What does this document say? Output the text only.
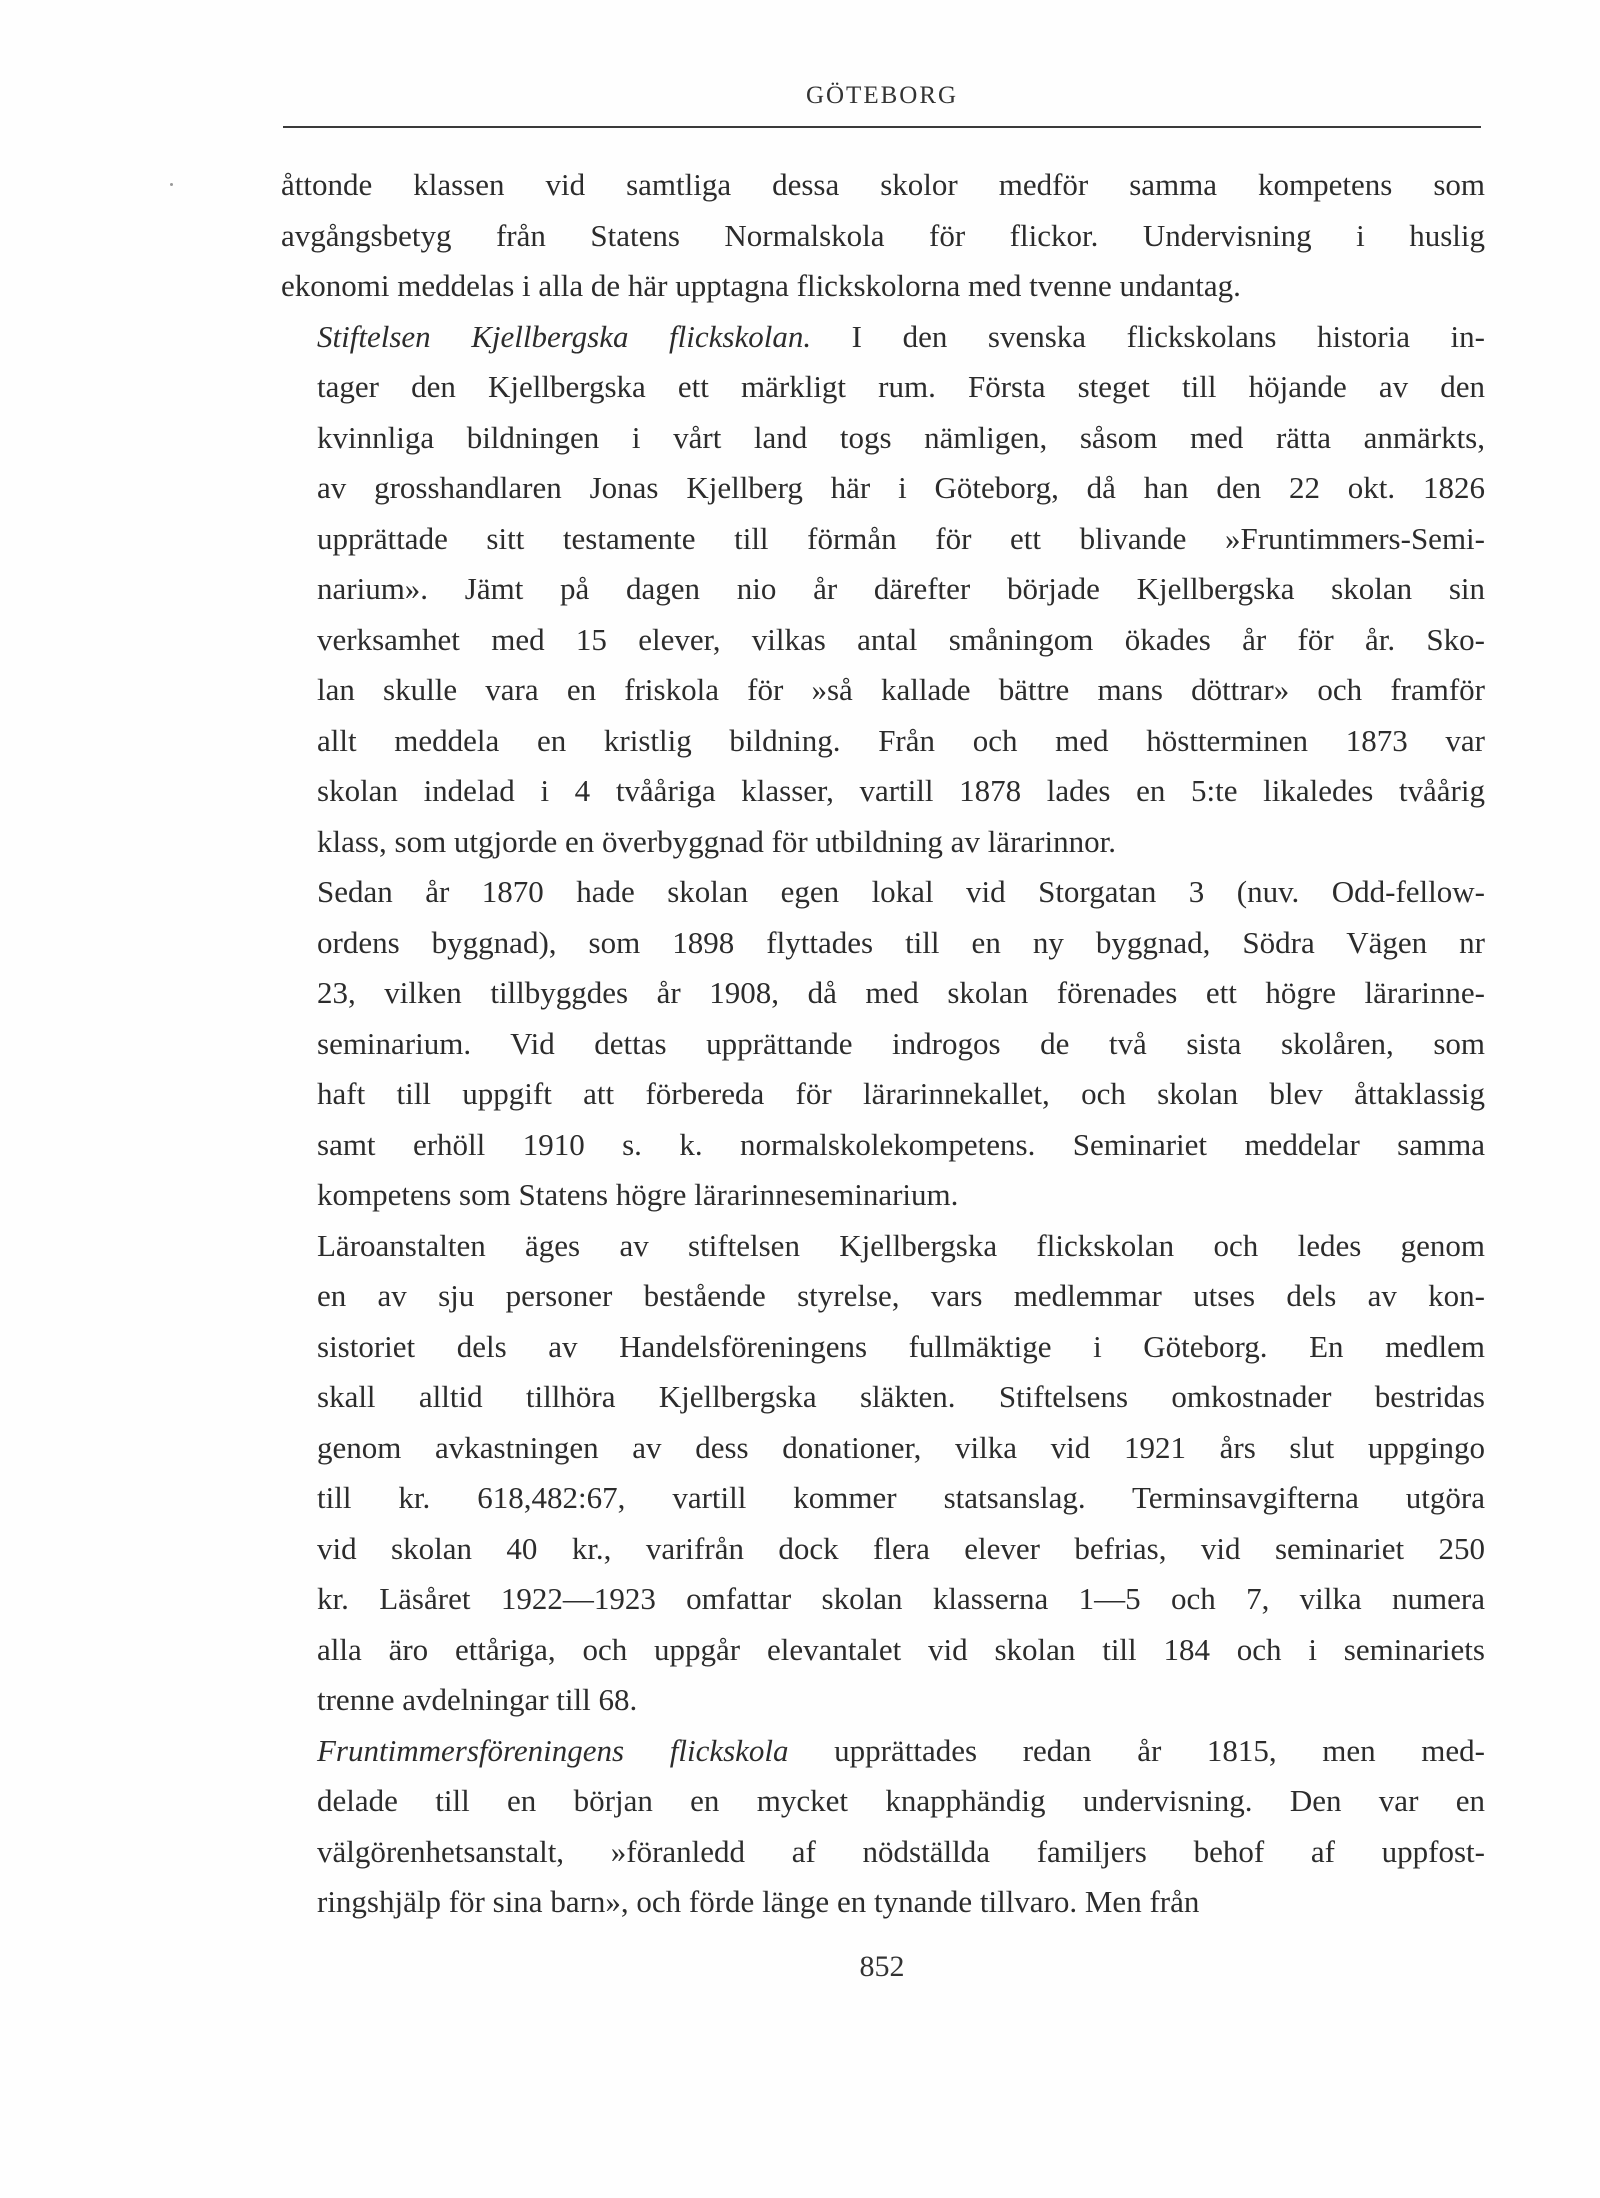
GÖTEBORG
åttonde klassen vid samtliga dessa skolor medför samma kompetens som
avgångsbetyg från Statens Normalskola för flickor. Undervisning i huslig
ekonomi meddelas i alla de här upptagna flickskolorna med tvenne undantag.
Stiftelsen Kjellbergska flickskolan. I den svenska flickskolans historia in-
tager den Kjellbergska ett märkligt rum. Första steget till höjande av den
kvinnliga bildningen i vårt land togs nämligen, såsom med rätta anmärkts,
av grosshandlaren Jonas Kjellberg här i Göteborg, då han den 22 okt. 1826
upprättade sitt testamente till förmån för ett blivande »Fruntimmers-Semi-
narium». Jämt på dagen nio år därefter började Kjellbergska skolan sin
verksamhet med 15 elever, vilkas antal småningom ökades år för år. Sko-
lan skulle vara en friskola för »så kallade bättre mans döttrar» och framför
allt meddela en kristlig bildning. Från och med höstterminen 1873 var
skolan indelad i 4 tvååriga klasser, vartill 1878 lades en 5:te likaledes tvåårig
klass, som utgjorde en överbyggnad för utbildning av lärarinnor.
Sedan år 1870 hade skolan egen lokal vid Storgatan 3 (nuv. Odd-fellow-
ordens byggnad), som 1898 flyttades till en ny byggnad, Södra Vägen nr
23, vilken tillbyggdes år 1908, då med skolan förenades ett högre lärarinne-
seminarium. Vid dettas upprättande indrogos de två sista skolåren, som
haft till uppgift att förbereda för lärarinnekallet, och skolan blev åttaklassig
samt erhöll 1910 s. k. normalskolekompetens. Seminariet meddelar samma
kompetens som Statens högre lärarinneseminarium.
Läroanstalten äges av stiftelsen Kjellbergska flickskolan och ledes genom
en av sju personer bestående styrelse, vars medlemmar utses dels av kon-
sistoriet dels av Handelsföreningens fullmäktige i Göteborg. En medlem
skall alltid tillhöra Kjellbergska släkten. Stiftelsens omkostnader bestridas
genom avkastningen av dess donationer, vilka vid 1921 års slut uppgingo
till kr. 618,482:67, vartill kommer statsanslag. Terminsavgifterna utgöra
vid skolan 40 kr., varifrån dock flera elever befrias, vid seminariet 250
kr. Läsåret 1922—1923 omfattar skolan klasserna 1—5 och 7, vilka numera
alla äro ettåriga, och uppgår elevantalet vid skolan till 184 och i seminariets
trenne avdelningar till 68.
Fruntimmersföreningens flickskola upprättades redan år 1815, men med-
delade till en början en mycket knapphändig undervisning. Den var en
välgörenhetsanstalt, »föranledd af nödställda familjers behof af uppfost-
ringshjälp för sina barn», och förde länge en tynande tillvaro. Men från
852
